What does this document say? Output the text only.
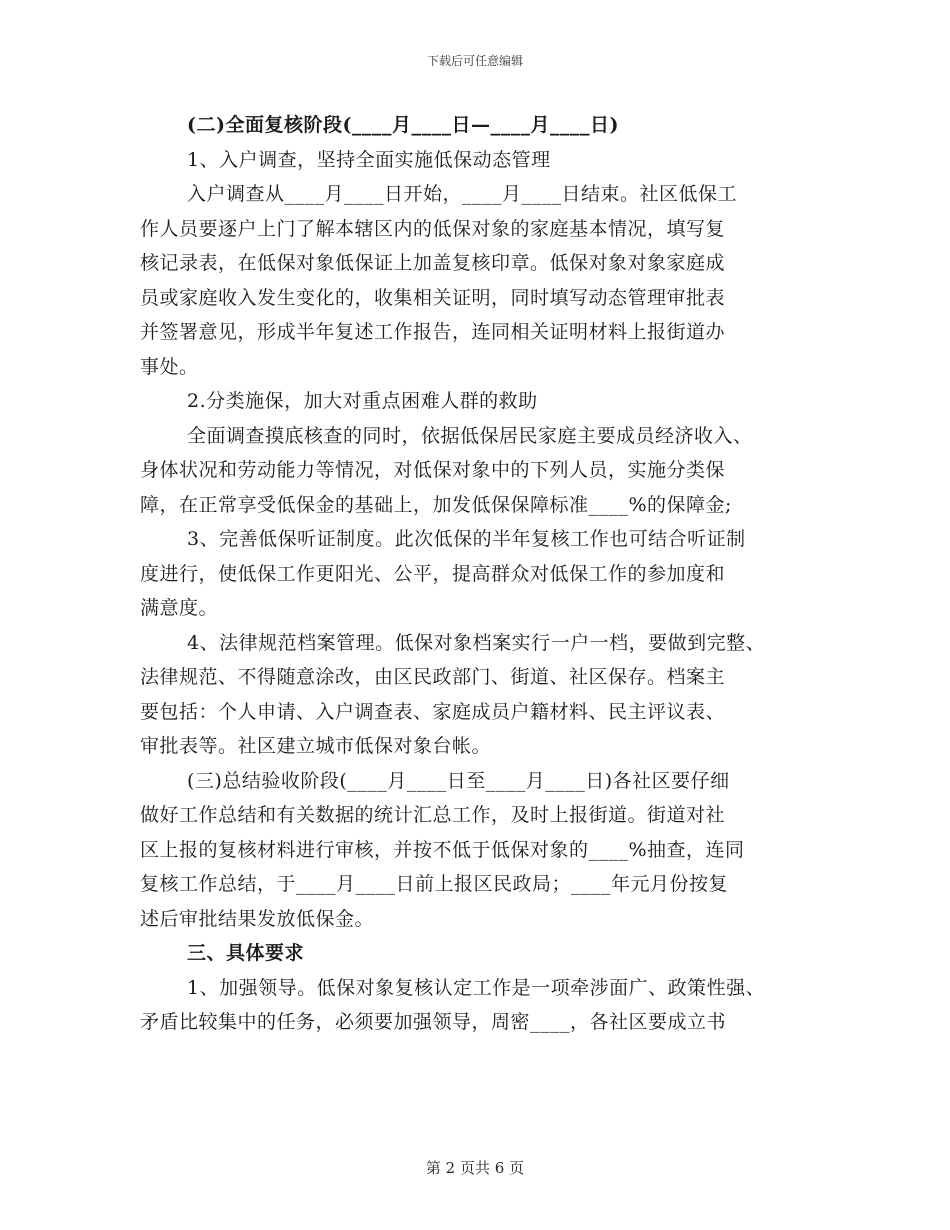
下载后可任意编辑
(二)全面复核阶段(____月____日—____月____日)
1、入户调查，坚持全面实施低保动态管理
入户调查从____月____日开始，____月____日结束。社区低保工
作人员要逐户上门了解本辖区内的低保对象的家庭基本情况，填写复
核记录表，在低保对象低保证上加盖复核印章。低保对象对象家庭成
员或家庭收入发生变化的，收集相关证明，同时填写动态管理审批表
并签署意见，形成半年复述工作报告，连同相关证明材料上报街道办
事处。
2.分类施保，加大对重点困难人群的救助
全面调查摸底核查的同时，依据低保居民家庭主要成员经济收入、
身体状况和劳动能力等情况，对低保对象中的下列人员，实施分类保
障，在正常享受低保金的基础上，加发低保保障标准____%的保障金;
3、完善低保听证制度。此次低保的半年复核工作也可结合听证制
度进行，使低保工作更阳光、公平，提高群众对低保工作的参加度和
满意度。
4、法律规范档案管理。低保对象档案实行一户一档，要做到完整、
法律规范、不得随意涂改，由区民政部门、街道、社区保存。档案主
要包括：个人申请、入户调查表、家庭成员户籍材料、民主评议表、
审批表等。社区建立城市低保对象台帐。
(三)总结验收阶段(____月____日至____月____日)各社区要仔细
做好工作总结和有关数据的统计汇总工作，及时上报街道。街道对社
区上报的复核材料进行审核，并按不低于低保对象的____%抽查，连同
复核工作总结，于____月____日前上报区民政局；____年元月份按复
述后审批结果发放低保金。
三、具体要求
1、加强领导。低保对象复核认定工作是一项牵涉面广、政策性强、
矛盾比较集中的任务，必须要加强领导，周密____，各社区要成立书
第 2 页共 6 页
